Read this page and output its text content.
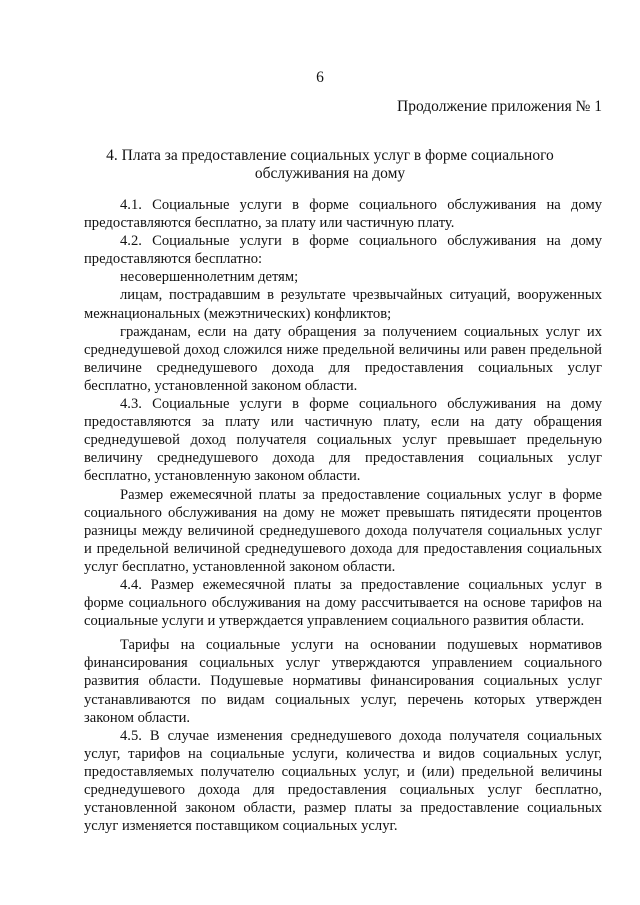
6
Продолжение приложения № 1
4. Плата за предоставление социальных услуг в форме социального обслуживания на дому

4.1. Социальные услуги в форме социального обслуживания на дому предоставляются бесплатно, за плату или частичную плату.

4.2. Социальные услуги в форме социального обслуживания на дому предоставляются бесплатно:

несовершеннолетним детям;

лицам, пострадавшим в результате чрезвычайных ситуаций, вооруженных межнациональных (межэтнических) конфликтов;

гражданам, если на дату обращения за получением социальных услуг их среднедушевой доход сложился ниже предельной величины или равен предельной величине среднедушевого дохода для предоставления социальных услуг бесплатно, установленной законом области.

4.3. Социальные услуги в форме социального обслуживания на дому предоставляются за плату или частичную плату, если на дату обращения среднедушевой доход получателя социальных услуг превышает предельную величину среднедушевого дохода для предоставления социальных услуг бесплатно, установленную законом области.

Размер ежемесячной платы за предоставление социальных услуг в форме социального обслуживания на дому не может превышать пятидесяти процентов разницы между величиной среднедушевого дохода получателя социальных услуг и предельной величиной среднедушевого дохода для предоставления социальных услуг бесплатно, установленной законом области.

4.4. Размер ежемесячной платы за предоставление социальных услуг в форме социального обслуживания на дому рассчитывается на основе тарифов на социальные услуги и утверждается управлением социального развития области.

Тарифы на социальные услуги на основании подушевых нормативов финансирования социальных услуг утверждаются управлением социального развития области. Подушевые нормативы финансирования социальных услуг устанавливаются по видам социальных услуг, перечень которых утвержден законом области.

4.5. В случае изменения среднедушевого дохода получателя социальных услуг, тарифов на социальные услуги, количества и видов социальных услуг, предоставляемых получателю социальных услуг, и (или) предельной величины среднедушевого дохода для предоставления социальных услуг бесплатно, установленной законом области, размер платы за предоставление социальных услуг изменяется поставщиком социальных услуг.
